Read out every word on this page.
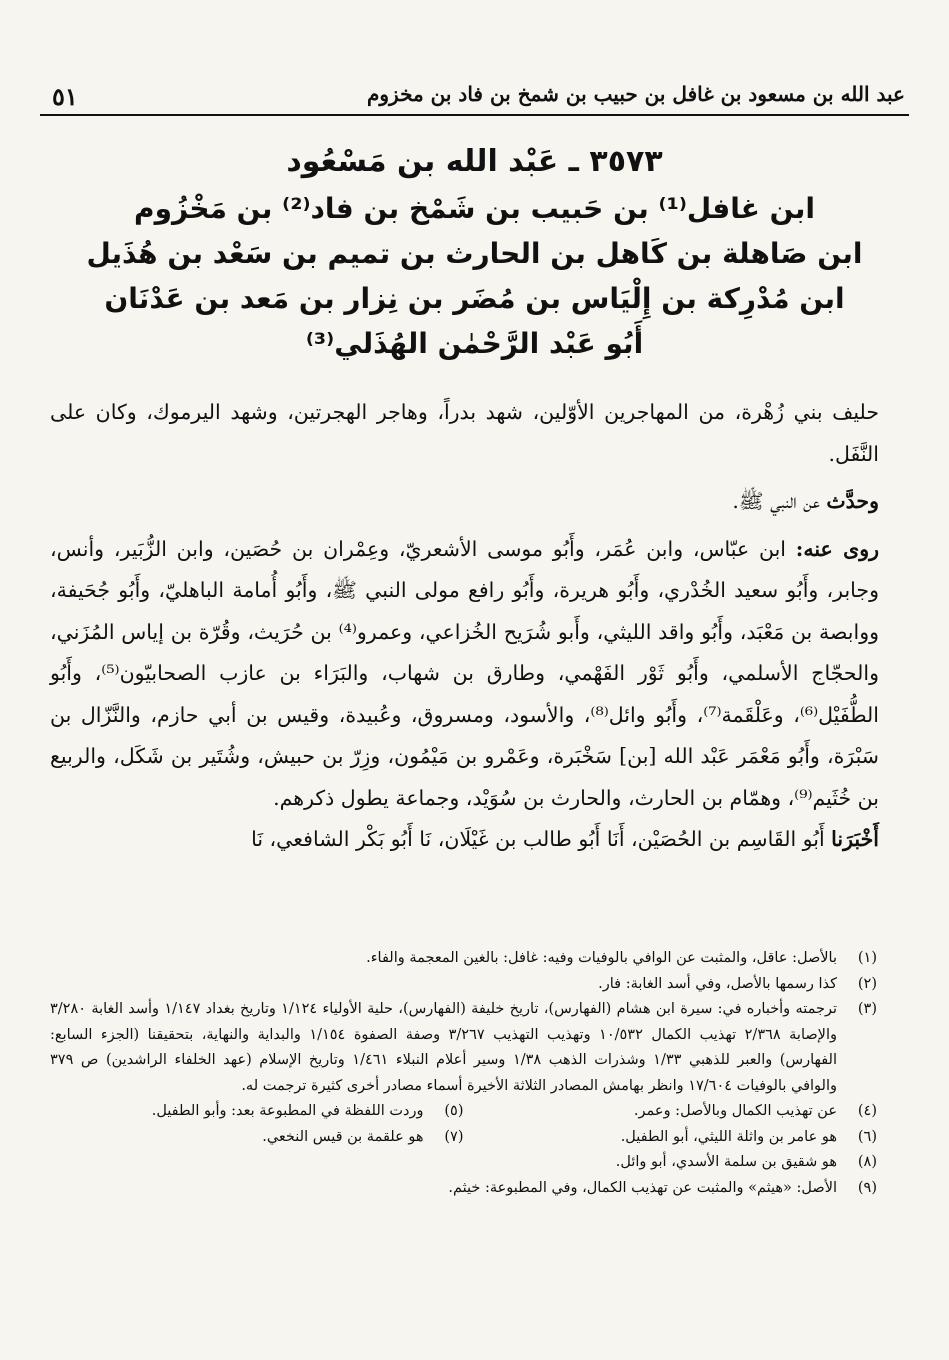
٥١	عبد الله بن مسعود بن غافل بن حبيب بن شمخ بن فاد بن مخزوم
٣٥٧٣ ـ عَبْد الله بن مَسْعُود
ابن غافل⁽¹⁾ بن حَبيب بن شَمْخ بن فاد⁽²⁾ بن مَخْزُوم
ابن صَاهلة بن كَاهل بن الحارث بن تميم بن سَعْد بن هُذَيل
ابن مُدْرِكة بن إِلْيَاس بن مُضَر بن نِزار بن مَعد بن عَدْنَان
أَبُو عَبْد الرَّحْمٰن الهُذَلي⁽³⁾

حليف بني زُهْرة، من المهاجرين الأوّلين، شهد بدراً، وهاجر الهجرتين، وشهد اليرموك، وكان على النَّفَل.

وحدَّث عن النبي ﷺ.

روى عنه: ابن عبّاس، وابن عُمَر، وأَبُو موسى الأشعريّ، وعِمْران بن حُصَين، وابن الزُّبَير، وأنس، وجابر، وأَبُو سعيد الخُدْري، وأَبُو هريرة، وأَبُو رافع مولى النبي ﷺ، وأَبُو أُمامة الباهليّ، وأَبُو جُحَيفة، ووابصة بن مَعْبَد، وأَبُو واقد الليثي، وأَبو شُرَيح الخُزاعي، وعمرو⁽⁴⁾ بن حُرَيث، وقُرّة بن إياس المُزَني، والحجّاج الأسلمي، وأَبُو ثَوْر الفَهْمي، وطارق بن شهاب، والبَرَاء بن عازب الصحابيّون⁽⁵⁾، وأَبُو الطُّفَيْل⁽⁶⁾، وعَلْقَمة⁽⁷⁾، وأَبُو وائل⁽⁸⁾، والأسود، ومسروق، وعُبيدة، وقيس بن أبي حازم، والنَّزّال بن سَبْرَة، وأَبُو مَعْمَر عَبْد الله [بن] سَخْبَرة، وعَمْرو بن مَيْمُون، وزِرّ بن حبيش، وشُتَير بن شَكَل، والربيع بن خُثَيم⁽⁹⁾، وهمّام بن الحارث، والحارث بن سُوَيْد، وجماعة يطول ذكرهم.

أَخْبَرَنا أَبُو القَاسِم بن الحُصَيْن، أَنَا أَبُو طالب بن غَيْلَان، نَا أَبُو بَكْر الشافعي، نَا

(١)
بالأصل: عاقل، والمثبت عن الوافي بالوفيات وفيه: غافل: بالغين المعجمة والفاء.
(٢)
كذا رسمها بالأصل، وفي أسد الغابة: فار.
(٣)
ترجمته وأخباره في: سيرة ابن هشام (الفهارس)، تاريخ خليفة (الفهارس)، حلية الأولياء ١/١٢٤ وتاريخ بغداد ١/١٤٧ وأسد الغابة ٣/٢٨٠ والإصابة ٢/٣٦٨ تهذيب الكمال ١٠/٥٣٢ وتهذيب التهذيب ٣/٢٦٧ وصفة الصفوة ١/١٥٤ والبداية والنهاية، بتحقيقنا (الجزء السابع: الفهارس) والعبر للذهبي ١/٣٣ وشذرات الذهب ١/٣٨ وسير أعلام النبلاء ١/٤٦١ وتاريخ الإسلام (عهد الخلفاء الراشدين) ص ٣٧٩ والوافي بالوفيات ١٧/٦٠٤ وانظر بهامش المصادر الثلاثة الأخيرة أسماء مصادر أخرى كثيرة ترجمت له.
(٤)
عن تهذيب الكمال وبالأصل: وعمر.
(٥)
وردت اللفظة في المطبوعة بعد: وأبو الطفيل.
(٦)
هو عامر بن واثلة الليثي، أبو الطفيل.
(٧)
هو علقمة بن قيس النخعي.
(٨)
هو شقيق بن سلمة الأسدي، أبو وائل.
(٩)
الأصل: «هيثم» والمثبت عن تهذيب الكمال، وفي المطبوعة: خيثم.
